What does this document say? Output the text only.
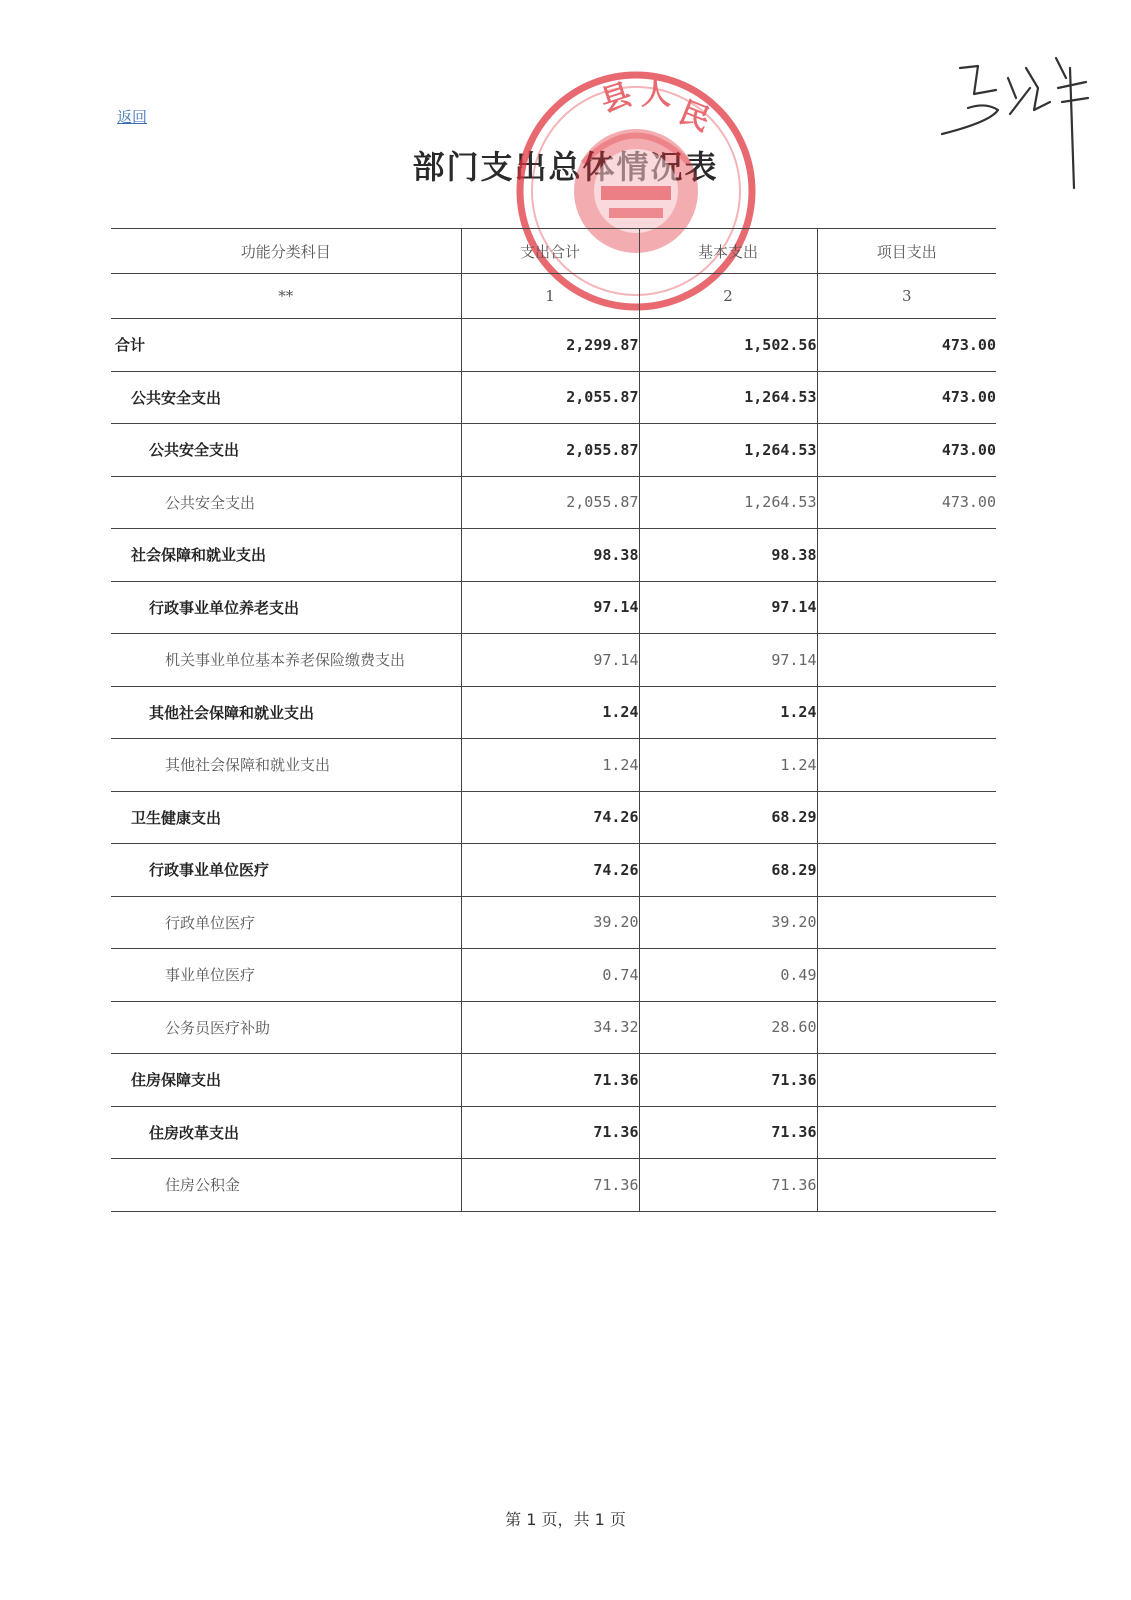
返回
部门支出总体情况表
县 人
民
功能分类科目	支出合计	基本支出	项目支出
**	1	2	3
合计	2,299.87	1,502.56	473.00
公共安全支出	2,055.87	1,264.53	473.00
公共安全支出	2,055.87	1,264.53	473.00
公共安全支出	2,055.87	1,264.53	473.00
社会保障和就业支出	98.38	98.38	
行政事业单位养老支出	97.14	97.14	
机关事业单位基本养老保险缴费支出	97.14	97.14	
其他社会保障和就业支出	1.24	1.24	
其他社会保障和就业支出	1.24	1.24	
卫生健康支出	74.26	68.29	
行政事业单位医疗	74.26	68.29	
行政单位医疗	39.20	39.20	
事业单位医疗	0.74	0.49	
公务员医疗补助	34.32	28.60	
住房保障支出	71.36	71.36	
住房改革支出	71.36	71.36	
住房公积金	71.36	71.36	
第 1 页，共 1 页
